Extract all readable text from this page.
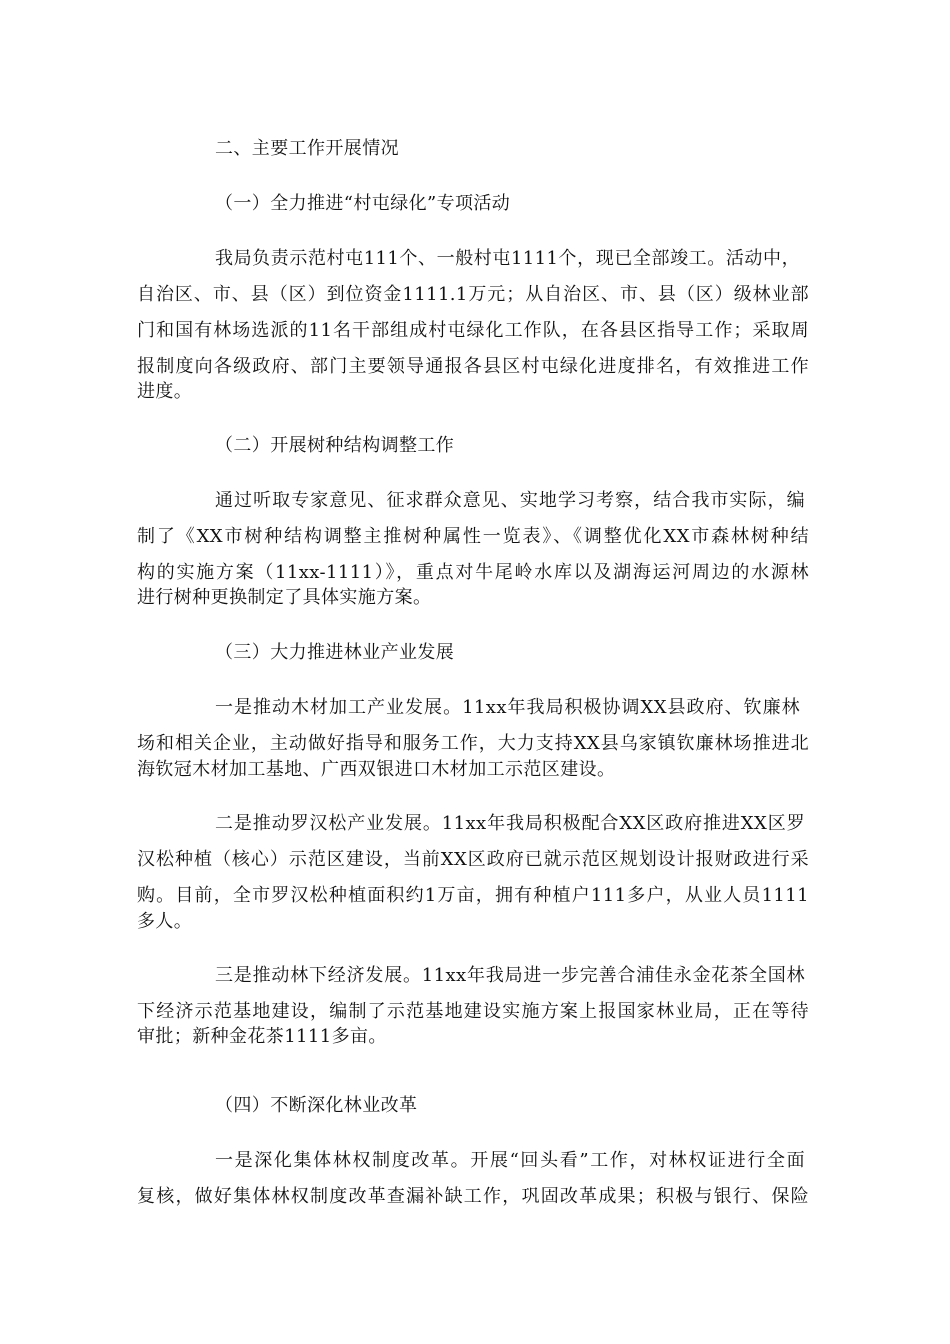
二、主要工作开展情况
（一）全力推进“村屯绿化”专项活动
我局负责示范村屯111个、一般村屯1111个，现已全部竣工。活动中，
自治区、市、县（区）到位资金1111.1万元；从自治区、市、县（区）级林业部
门和国有林场选派的11名干部组成村屯绿化工作队，在各县区指导工作；采取周
报制度向各级政府、部门主要领导通报各县区村屯绿化进度排名，有效推进工作
进度。
（二）开展树种结构调整工作
通过听取专家意见、征求群众意见、实地学习考察，结合我市实际，编
制了《XX市树种结构调整主推树种属性一览表》、《调整优化XX市森林树种结
构的实施方案（11xx-1111）》，重点对牛尾岭水库以及湖海运河周边的水源林
进行树种更换制定了具体实施方案。
（三）大力推进林业产业发展
一是推动木材加工产业发展。11xx年我局积极协调XX县政府、钦廉林
场和相关企业，主动做好指导和服务工作，大力支持XX县乌家镇钦廉林场推进北
海钦冠木材加工基地、广西双银进口木材加工示范区建设。
二是推动罗汉松产业发展。11xx年我局积极配合XX区政府推进XX区罗
汉松种植（核心）示范区建设，当前XX区政府已就示范区规划设计报财政进行采
购。目前，全市罗汉松种植面积约1万亩，拥有种植户111多户，从业人员1111
多人。
三是推动林下经济发展。11xx年我局进一步完善合浦佳永金花茶全国林
下经济示范基地建设，编制了示范基地建设实施方案上报国家林业局，正在等待
审批；新种金花茶1111多亩。
（四）不断深化林业改革
一是深化集体林权制度改革。开展“回头看”工作，对林权证进行全面
复核，做好集体林权制度改革查漏补缺工作，巩固改革成果；积极与银行、保险
